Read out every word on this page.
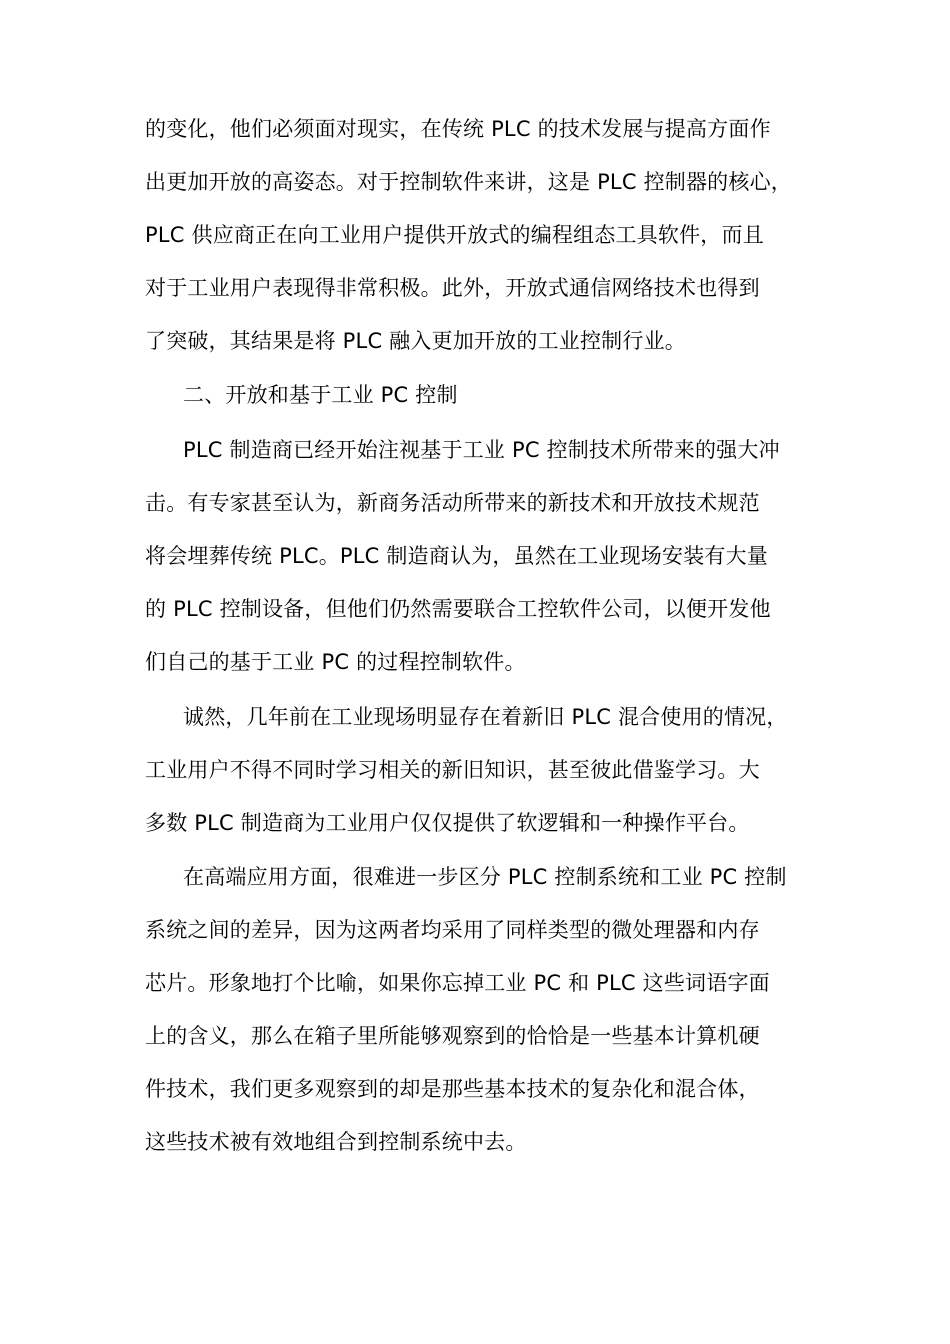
的变化，他们必须面对现实，在传统 PLC 的技术发展与提高方面作
出更加开放的高姿态。对于控制软件来讲，这是 PLC 控制器的核心，
PLC 供应商正在向工业用户提供开放式的编程组态工具软件，而且
对于工业用户表现得非常积极。此外，开放式通信网络技术也得到
了突破，其结果是将 PLC 融入更加开放的工业控制行业。
二、开放和基于工业 PC 控制
PLC 制造商已经开始注视基于工业 PC 控制技术所带来的强大冲
击。有专家甚至认为，新商务活动所带来的新技术和开放技术规范
将会埋葬传统 PLC。PLC 制造商认为，虽然在工业现场安装有大量
的 PLC 控制设备，但他们仍然需要联合工控软件公司，以便开发他
们自己的基于工业 PC 的过程控制软件。
诚然，几年前在工业现场明显存在着新旧 PLC 混合使用的情况，
工业用户不得不同时学习相关的新旧知识，甚至彼此借鉴学习。大
多数 PLC 制造商为工业用户仅仅提供了软逻辑和一种操作平台。
在高端应用方面，很难进一步区分 PLC 控制系统和工业 PC 控制
系统之间的差异，因为这两者均采用了同样类型的微处理器和内存
芯片。形象地打个比喻，如果你忘掉工业 PC 和 PLC 这些词语字面
上的含义，那么在箱子里所能够观察到的恰恰是一些基本计算机硬
件技术，我们更多观察到的却是那些基本技术的复杂化和混合体，
这些技术被有效地组合到控制系统中去。
